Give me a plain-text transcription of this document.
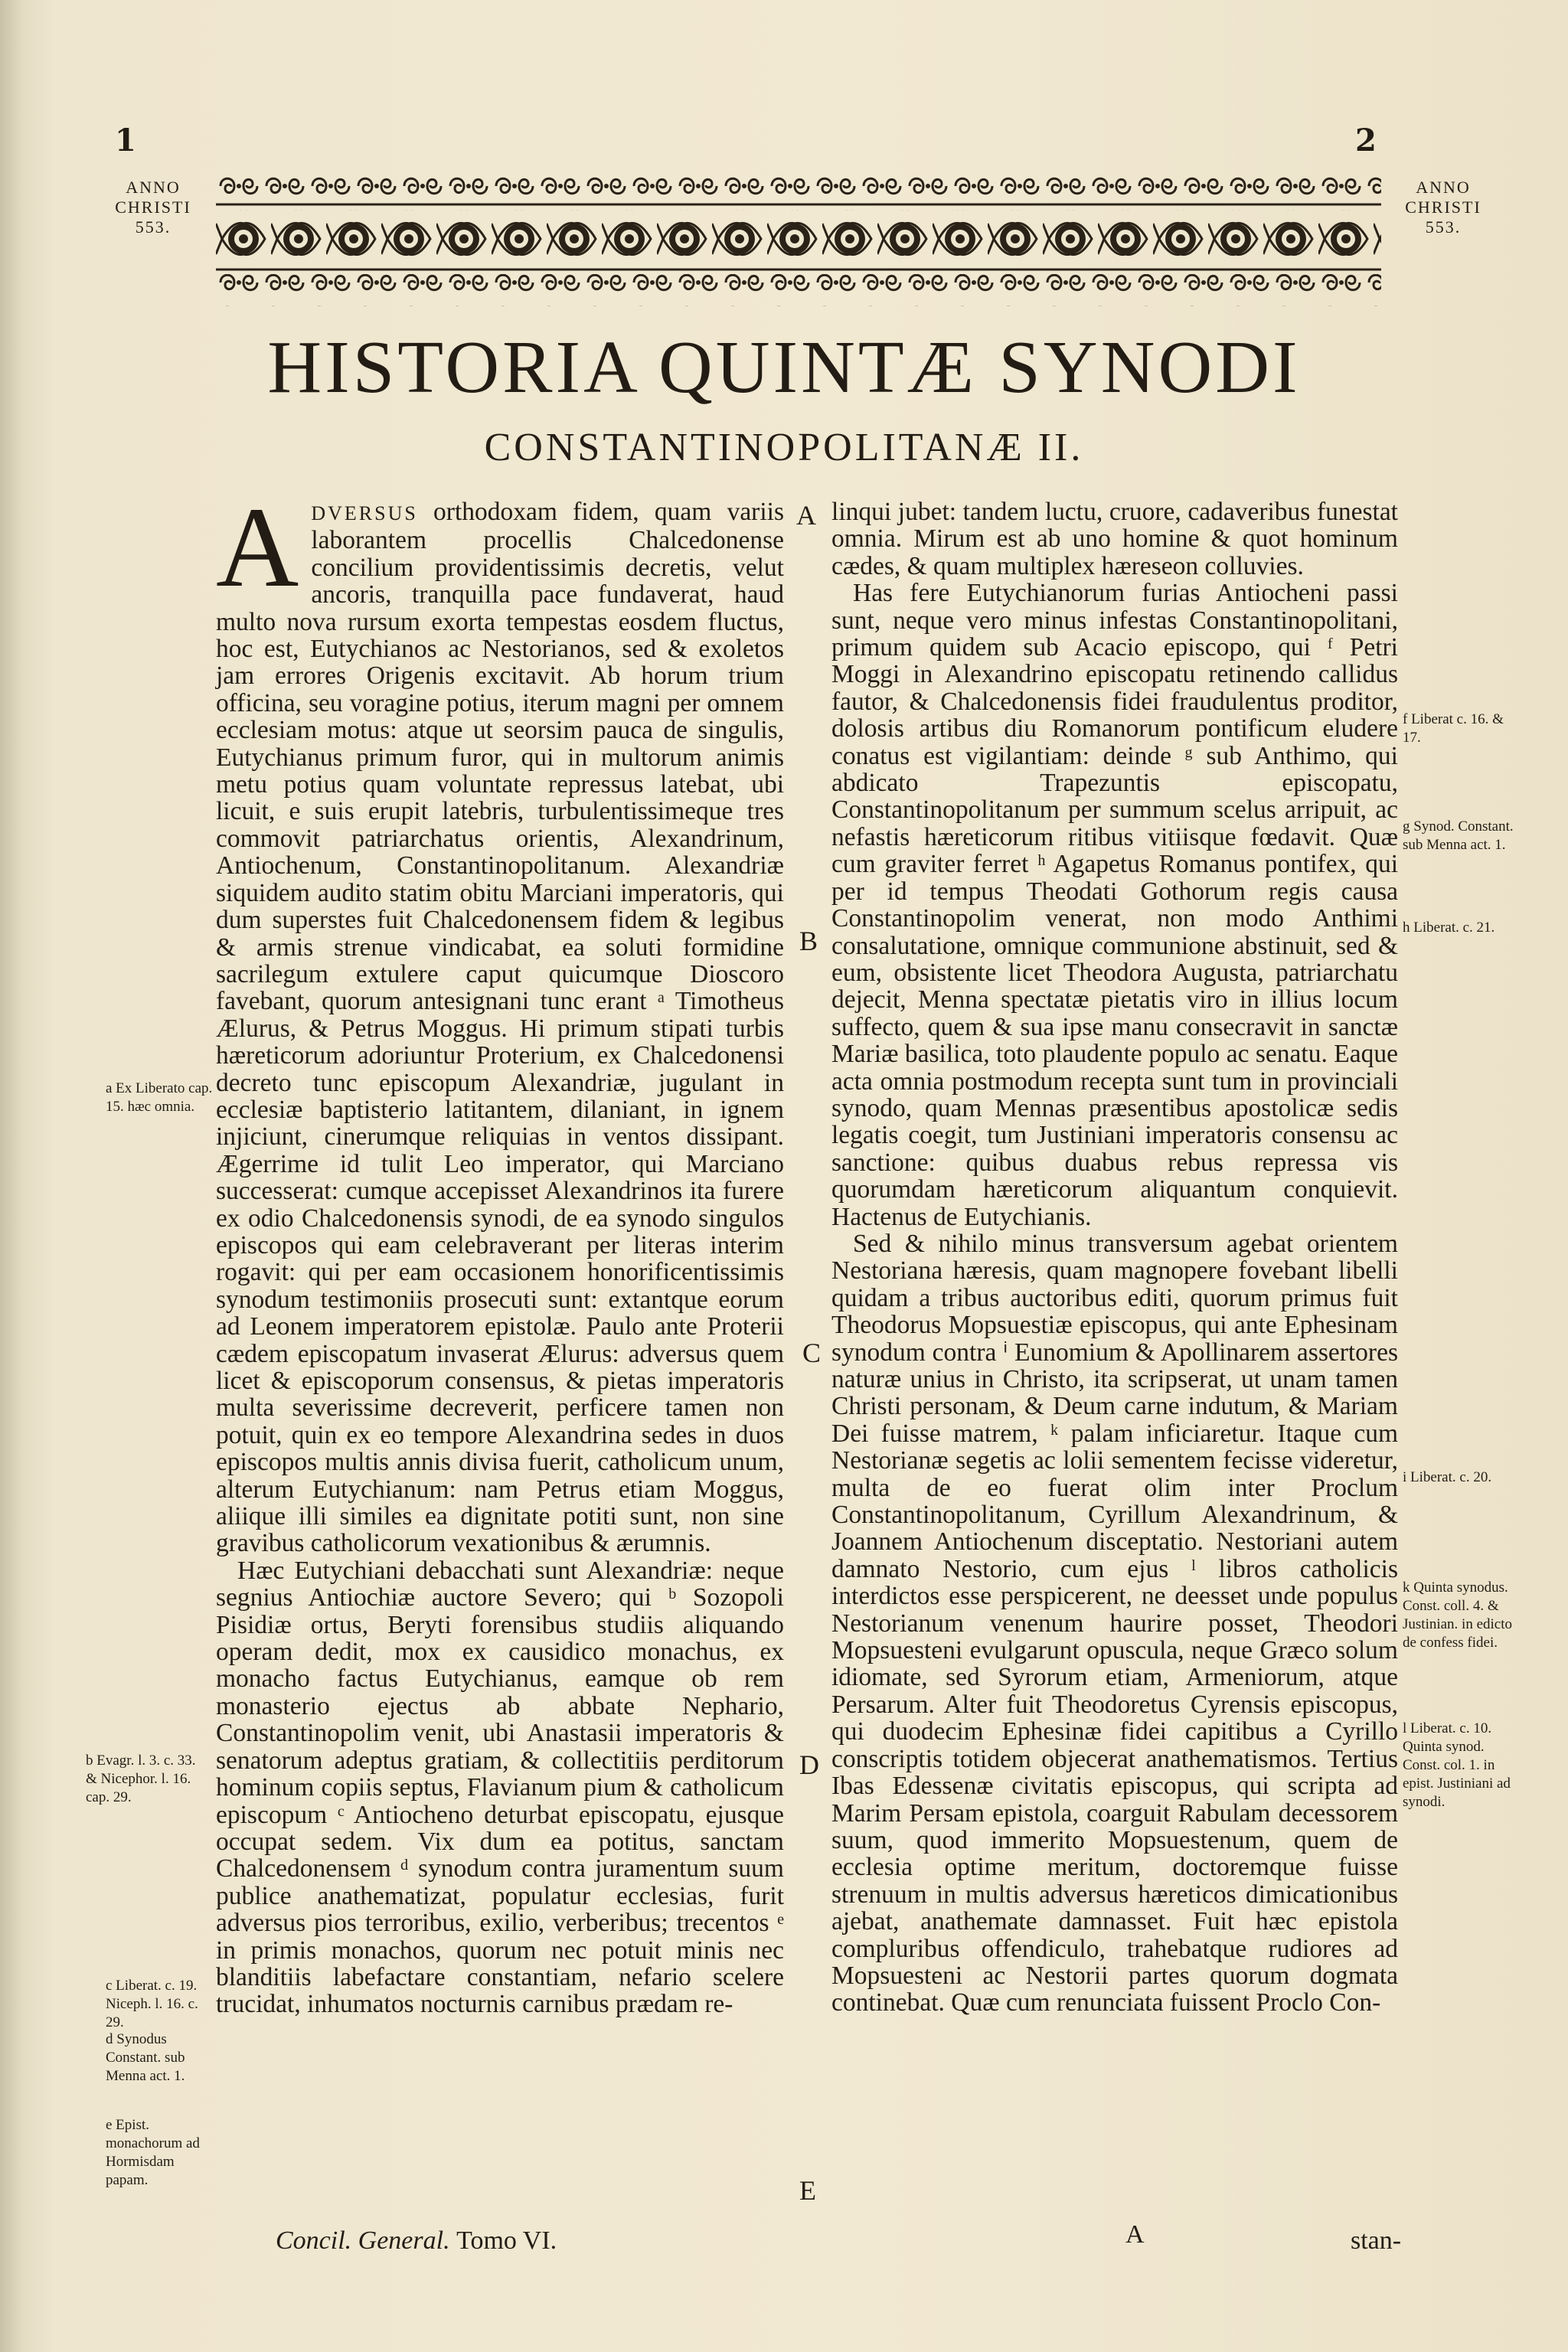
1	2
ANNO
CHRISTI
553.
ANNO
CHRISTI
553.
HISTORIA QUINTÆ SYNODI
CONSTANTINOPOLITANÆ II.

ADVERSUS orthodoxam fidem, quam variis laborantem procellis Chalcedonense concilium providentissimis decretis, velut ancoris, tranquilla pace fundaverat, haud multo nova rursum exorta tempestas eosdem fluctus, hoc est, Eutychianos ac Nestorianos, sed & exoletos jam errores Origenis excitavit. Ab horum trium officina, seu voragine potius, iterum magni per omnem ecclesiam motus: atque ut seorsim pauca de singulis, Eutychianus primum furor, qui in multorum animis metu potius quam voluntate repressus latebat, ubi licuit, e suis erupit latebris, turbulentissimeque tres commovit patriarchatus orientis, Alexandrinum, Antiochenum, Constantinopolitanum. Alexandriæ siquidem audito statim obitu Marciani imperatoris, qui dum superstes fuit Chalcedonensem fidem & legibus & armis strenue vindicabat, ea soluti formidine sacrilegum extulere caput quicumque Dioscoro favebant, quorum antesignani tunc erant ᵃ Timotheus Ælurus, & Petrus Moggus. Hi primum stipati turbis hæreticorum adoriuntur Proterium, ex Chalcedonensi decreto tunc episcopum Alexandriæ, jugulant in ecclesiæ baptisterio latitantem, dilaniant, in ignem injiciunt, cinerumque reliquias in ventos dissipant. Ægerrime id tulit Leo imperator, qui Marciano successerat: cumque accepisset Alexandrinos ita furere ex odio Chalcedonensis synodi, de ea synodo singulos episcopos qui eam celebraverant per literas interim rogavit: qui per eam occasionem honorificentissimis synodum testimoniis prosecuti sunt: extantque eorum ad Leonem imperatorem epistolæ. Paulo ante Proterii cædem episcopatum invaserat Ælurus: adversus quem licet & episcoporum consensus, & pietas imperatoris multa severissime decreverit, perficere tamen non potuit, quin ex eo tempore Alexandrina sedes in duos episcopos multis annis divisa fuerit, catholicum unum, alterum Eutychianum: nam Petrus etiam Moggus, aliique illi similes ea dignitate potiti sunt, non sine gravibus catholicorum vexationibus & ærumnis.

Hæc Eutychiani debacchati sunt Alexandriæ: neque segnius Antiochiæ auctore Severo; qui ᵇ Sozopoli Pisidiæ ortus, Beryti forensibus studiis aliquando operam dedit, mox ex causidico monachus, ex monacho factus Eutychianus, eamque ob rem monasterio ejectus ab abbate Nephario, Constantinopolim venit, ubi Anastasii imperatoris & senatorum adeptus gratiam, & collectitiis perditorum hominum copiis septus, Flavianum pium & catholicum episcopum ᶜ Antiocheno deturbat episcopatu, ejusque occupat sedem. Vix dum ea potitus, sanctam Chalcedonensem ᵈ synodum contra juramentum suum publice anathematizat, populatur ecclesias, furit adversus pios terroribus, exilio, verberibus; trecentos ᵉ in primis monachos, quorum nec potuit minis nec blanditiis labefactare constantiam, nefario scelere trucidat, inhumatos nocturnis carnibus prædam re-

linqui jubet: tandem luctu, cruore, cadaveribus funestat omnia. Mirum est ab uno homine & quot hominum cædes, & quam multiplex hæreseon colluvies.

Has fere Eutychianorum furias Antiocheni passi sunt, neque vero minus infestas Constantinopolitani, primum quidem sub Acacio episcopo, qui ᶠ Petri Moggi in Alexandrino episcopatu retinendo callidus fautor, & Chalcedonensis fidei fraudulentus proditor, dolosis artibus diu Romanorum pontificum eludere conatus est vigilantiam: deinde ᵍ sub Anthimo, qui abdicato Trapezuntis episcopatu, Constantinopolitanum per summum scelus arripuit, ac nefastis hæreticorum ritibus vitiisque fœdavit. Quæ cum graviter ferret ʰ Agapetus Romanus pontifex, qui per id tempus Theodati Gothorum regis causa Constantinopolim venerat, non modo Anthimi consalutatione, omnique communione abstinuit, sed & eum, obsistente licet Theodora Augusta, patriarchatu dejecit, Menna spectatæ pietatis viro in illius locum suffecto, quem & sua ipse manu consecravit in sanctæ Mariæ basilica, toto plaudente populo ac senatu. Eaque acta omnia postmodum recepta sunt tum in provinciali synodo, quam Mennas præsentibus apostolicæ sedis legatis coegit, tum Justiniani imperatoris consensu ac sanctione: quibus duabus rebus repressa vis quorumdam hæreticorum aliquantum conquievit. Hactenus de Eutychianis.

Sed & nihilo minus transversum agebat orientem Nestoriana hæresis, quam magnopere fovebant libelli quidam a tribus auctoribus editi, quorum primus fuit Theodorus Mopsuestiæ episcopus, qui ante Ephesinam synodum contra ⁱ Eunomium & Apollinarem assertores naturæ unius in Christo, ita scripserat, ut unam tamen Christi personam, & Deum carne indutum, & Mariam Dei fuisse matrem, ᵏ palam inficiaretur. Itaque cum Nestorianæ segetis ac lolii sementem fecisse videretur, multa de eo fuerat olim inter Proclum Constantinopolitanum, Cyrillum Alexandrinum, & Joannem Antiochenum disceptatio. Nestoriani autem damnato Nestorio, cum ejus ˡ libros catholicis interdictos esse perspicerent, ne deesset unde populus Nestorianum venenum haurire posset, Theodori Mopsuesteni evulgarunt opuscula, neque Græco solum idiomate, sed Syrorum etiam, Armeniorum, atque Persarum. Alter fuit Theodoretus Cyrensis episcopus, qui duodecim Ephesinæ fidei capitibus a Cyrillo conscriptis totidem objecerat anathematismos. Tertius Ibas Edessenæ civitatis episcopus, qui scripta ad Marim Persam epistola, coarguit Rabulam decessorem suum, quod immerito Mopsuestenum, quem de ecclesia optime meritum, doctoremque fuisse strenuum in multis adversus hæreticos dimicationibus ajebat, anathemate damnasset. Fuit hæc epistola compluribus offendiculo, trahebatque rudiores ad Mopsuesteni ac Nestorii partes quorum dogmata continebat. Quæ cum renunciata fuissent Proclo Con-

A
B
C
D
E
a Ex Liberato cap. 15. hæc omnia.
b Evagr. l. 3. c. 33. & Nicephor. l. 16. cap. 29.
c Liberat. c. 19. Niceph. l. 16. c. 29.
d Synodus Constant. sub Menna act. 1.
e Epist. monachorum ad Hormisdam papam.
f Liberat c. 16. & 17.
g Synod. Constant. sub Menna act. 1.
h Liberat. c. 21.
i Liberat. c. 20.
k Quinta synodus. Const. coll. 4. & Justinian. in edicto de confess fidei.
l Liberat. c. 10. Quinta synod. Const. col. 1. in epist. Justiniani ad synodi.
Concil. General. Tomo VI.	A	stan-
